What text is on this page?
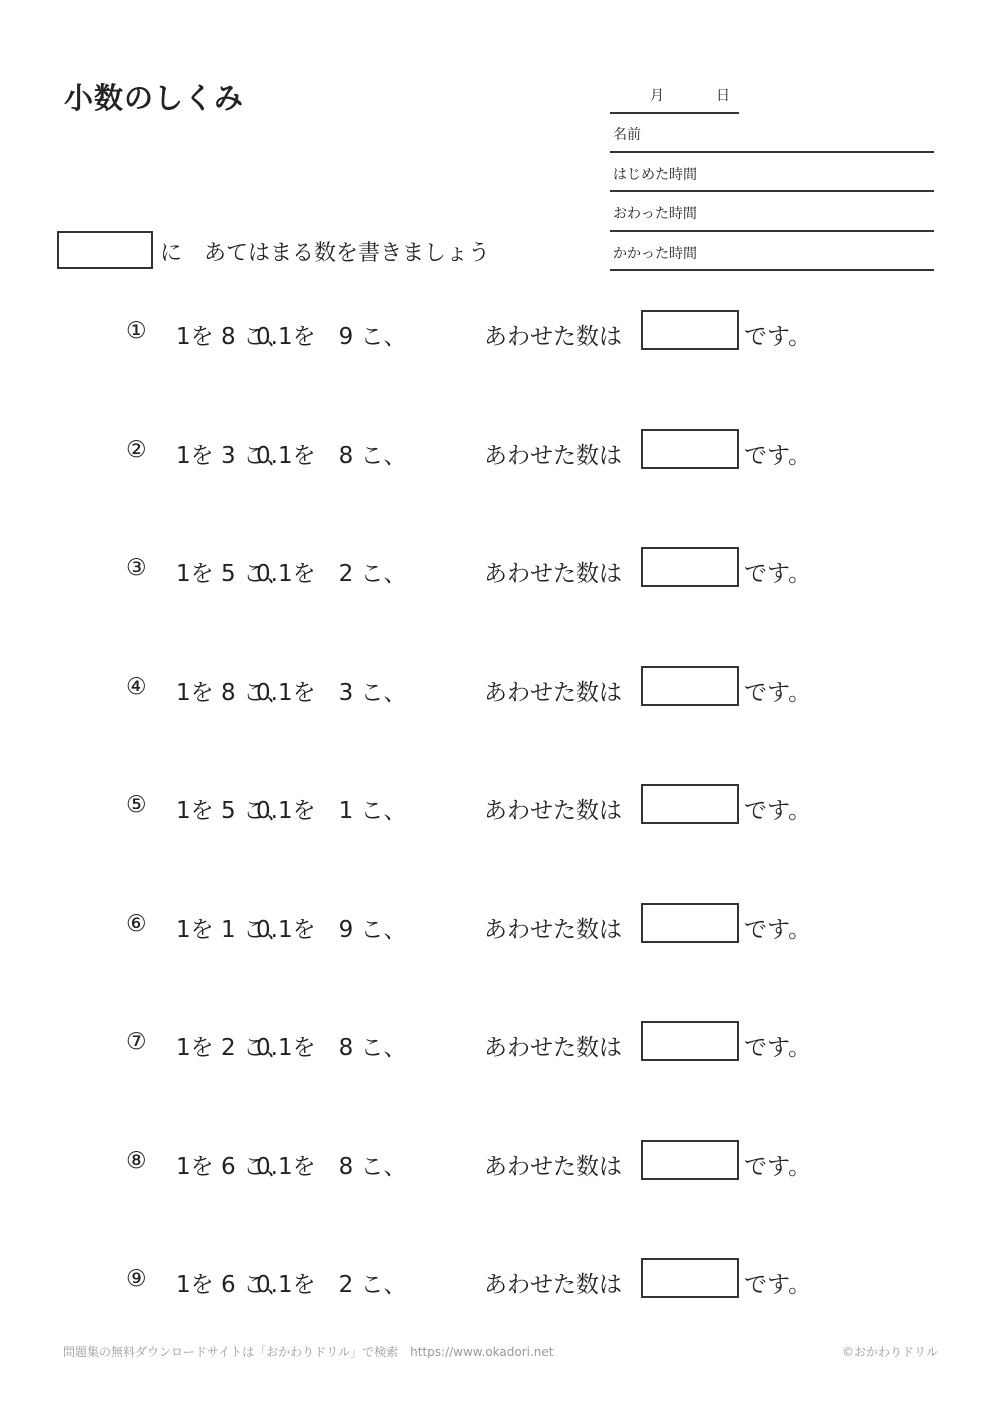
小数のしくみ	月	日
名前
はじめた時間
おわった時間
かかった時間
に　あてはまる数を書きましょう
① 1を 8 こ、
0.1を　9 こ、	あわせた数は	です。
② 1を 3 こ、
0.1を　8 こ、	あわせた数は	です。
③ 1を 5 こ、
0.1を　2 こ、	あわせた数は	です。
④ 1を 8 こ、
0.1を　3 こ、	あわせた数は	です。
⑤ 1を 5 こ、
0.1を　1 こ、	あわせた数は	です。
⑥ 1を 1 こ、
0.1を　9 こ、	あわせた数は	です。
⑦ 1を 2 こ、
0.1を　8 こ、	あわせた数は	です。
⑧ 1を 6 こ、
0.1を　8 こ、	あわせた数は	です。
⑨ 1を 6 こ、
0.1を　2 こ、	あわせた数は	です。
問題集の無料ダウンロードサイトは「おかわりドリル」で検索　https://www.okadori.net	©おかわりドリル
